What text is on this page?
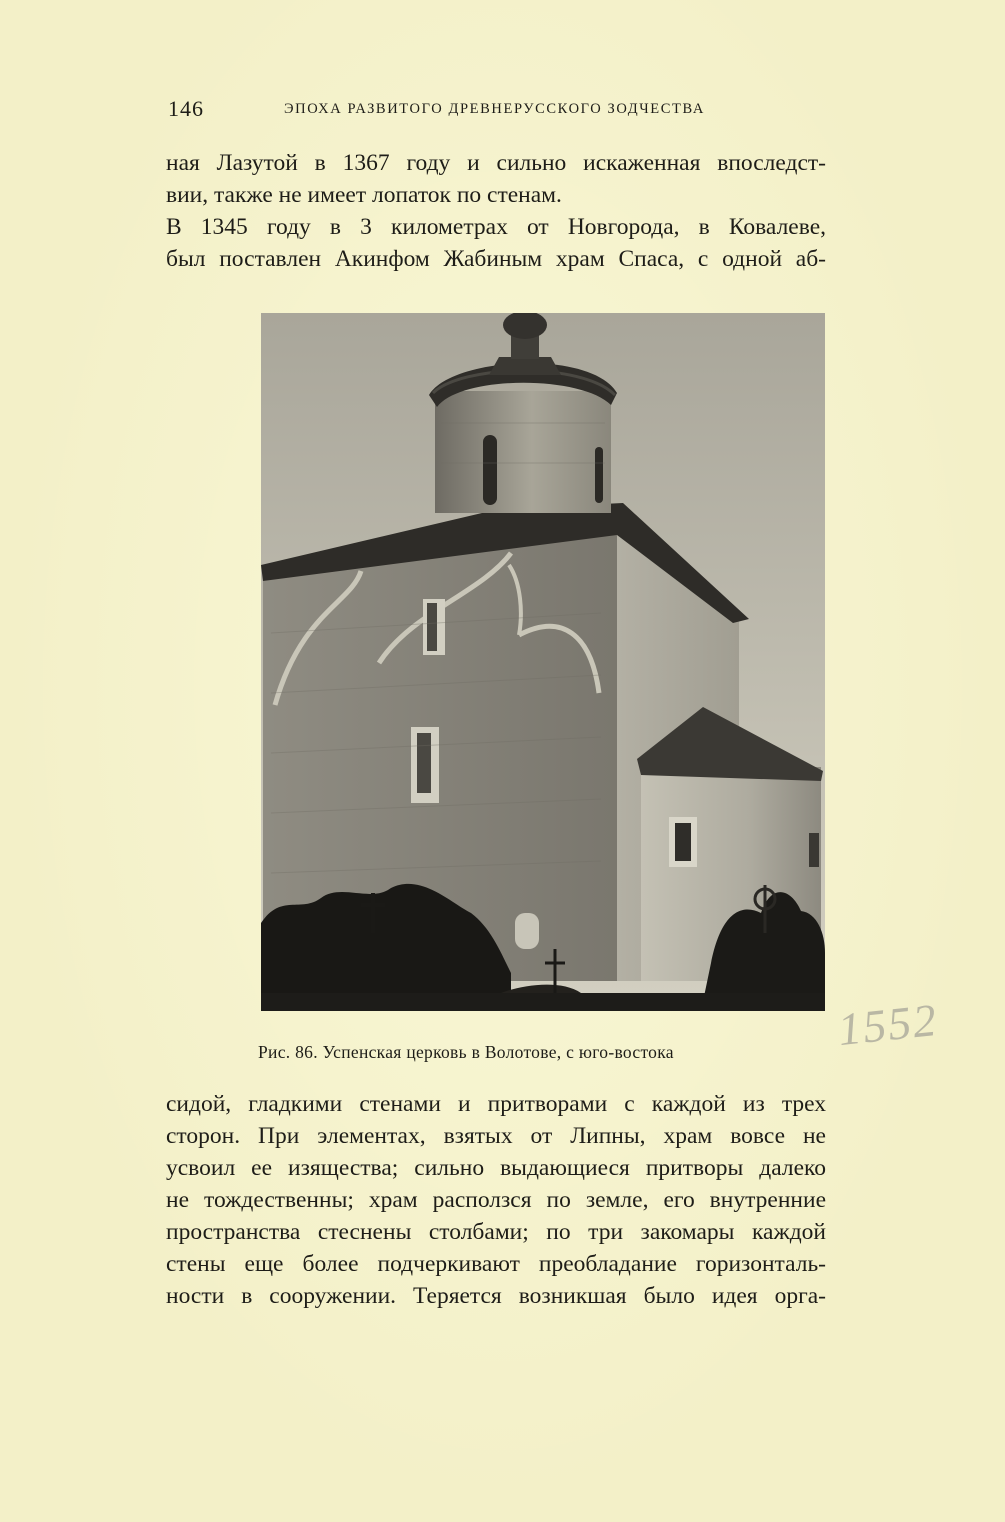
146	ЭПОХА РАЗВИТОГО ДРЕВНЕРУССКОГО ЗОДЧЕСТВА
ная Лазутой в 1367 году и сильно искаженная впоследст-
вии, также не имеет лопаток по стенам.
В 1345 году в 3 километрах от Новгорода, в Ковалеве,
был поставлен Акинфом Жабиным храм Спаса, с одной аб-
1552
Рис. 86. Успенская церковь в Волотове, с юго-востока
сидой, гладкими стенами и притворами с каждой из трех
сторон. При элементах, взятых от Липны, храм вовсе не
усвоил ее изящества; сильно выдающиеся притворы далеко
не тождественны; храм расползся по земле, его внутренние
пространства стеснены столбами; по три закомары каждой
стены еще более подчеркивают преобладание горизонталь-
ности в сооружении. Теряется возникшая было идея орга-
